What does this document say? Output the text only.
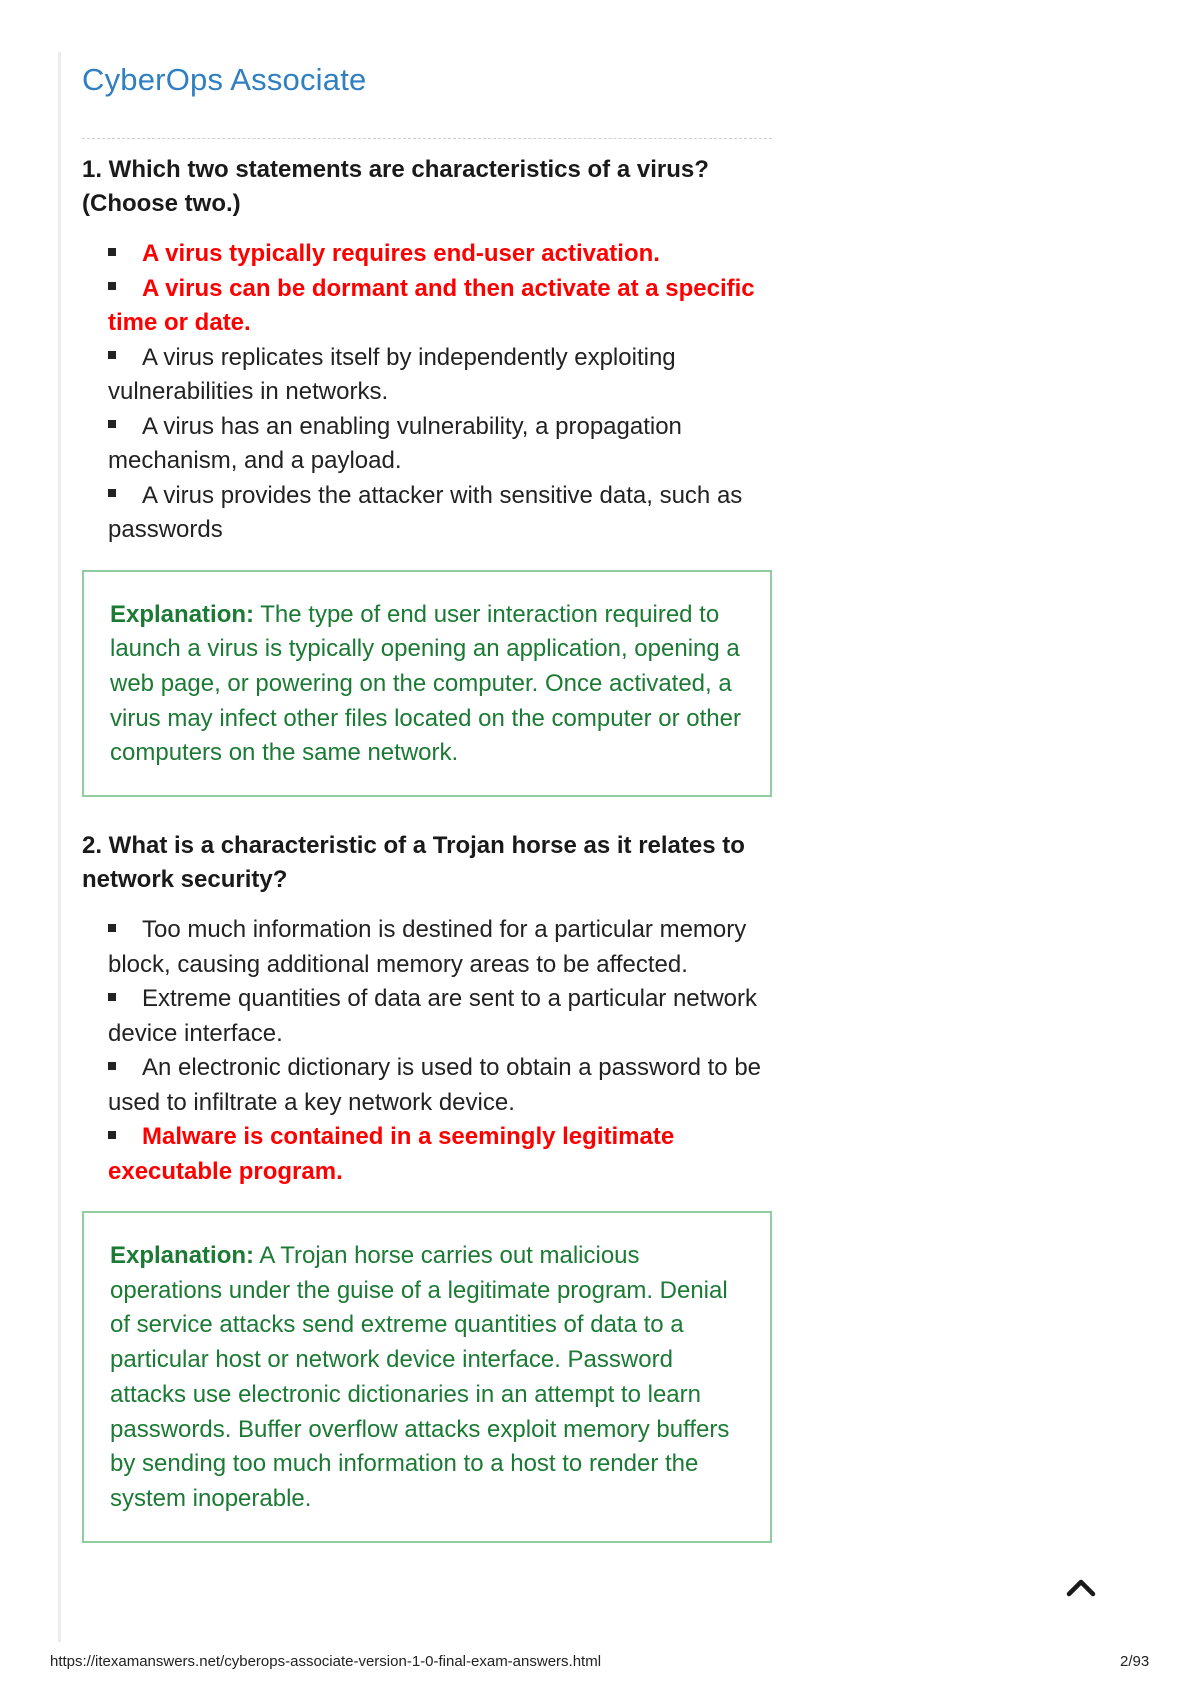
CyberOps Associate

1. Which two statements are characteristics of a virus? (Choose two.)

A virus typically requires end-user activation.
A virus can be dormant and then activate at a specific time or date.
A virus replicates itself by independently exploiting vulnerabilities in networks.
A virus has an enabling vulnerability, a propagation mechanism, and a payload.
A virus provides the attacker with sensitive data, such as passwords
Explanation: The type of end user interaction required to launch a virus is typically opening an application, opening a web page, or powering on the computer. Once activated, a virus may infect other files located on the computer or other computers on the same network.

2. What is a characteristic of a Trojan horse as it relates to network security?

Too much information is destined for a particular memory block, causing additional memory areas to be affected.
Extreme quantities of data are sent to a particular network device interface.
An electronic dictionary is used to obtain a password to be used to infiltrate a key network device.
Malware is contained in a seemingly legitimate executable program.
Explanation: A Trojan horse carries out malicious operations under the guise of a legitimate program. Denial of service attacks send extreme quantities of data to a particular host or network device interface. Password attacks use electronic dictionaries in an attempt to learn passwords. Buffer overflow attacks exploit memory buffers by sending too much information to a host to render the system inoperable.
https://itexamanswers.net/cyberops-associate-version-1-0-final-exam-answers.html	2/93
